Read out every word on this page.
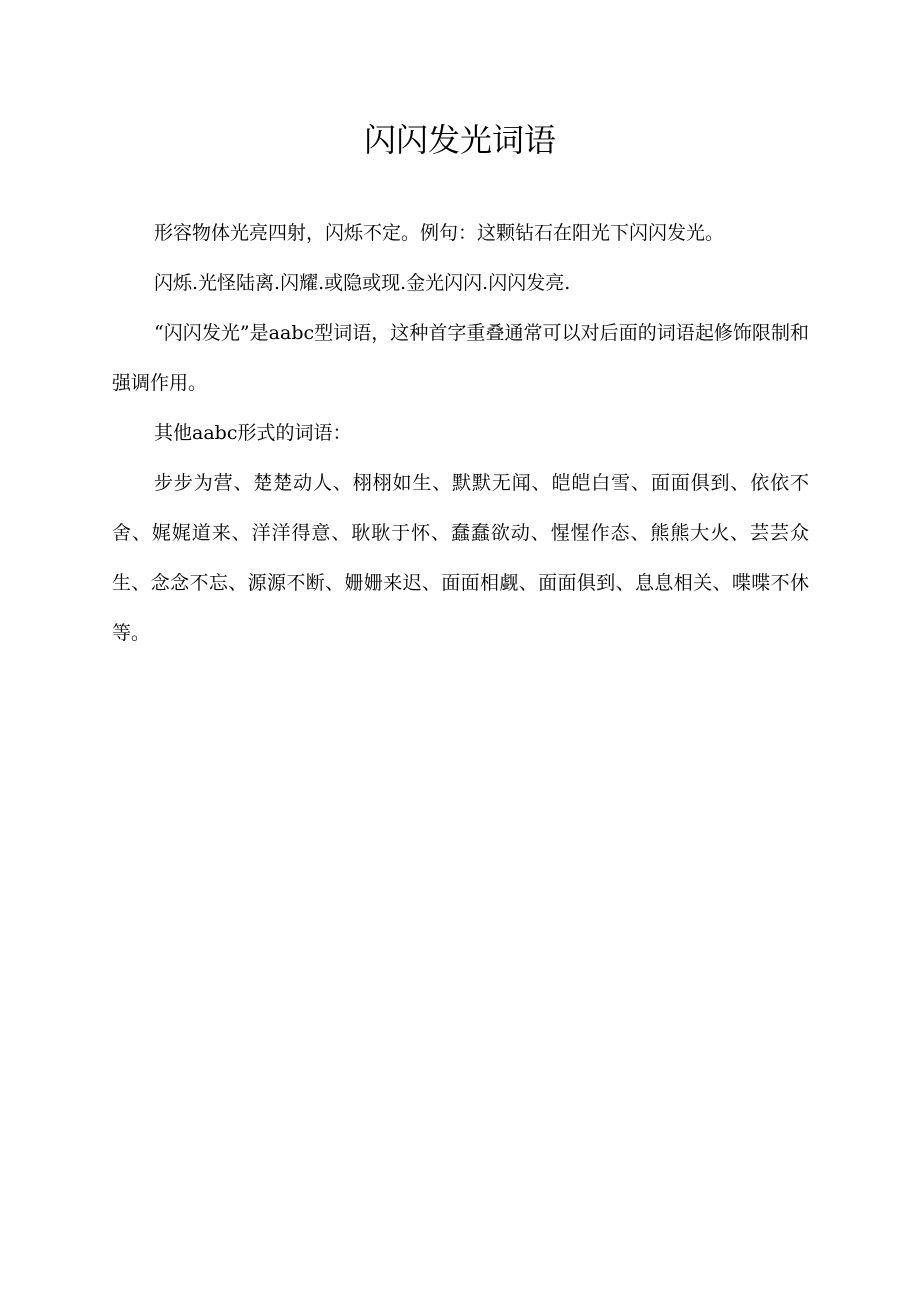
闪闪发光词语

形容物体光亮四射，闪烁不定。例句：这颗钻石在阳光下闪闪发光。

闪烁.光怪陆离.闪耀.或隐或现.金光闪闪.闪闪发亮.

“闪闪发光”是aabc型词语，这种首字重叠通常可以对后面的词语起修饰限制和强调作用。

其他aabc形式的词语：

步步为营、楚楚动人、栩栩如生、默默无闻、皑皑白雪、面面俱到、依依不舍、娓娓道来、洋洋得意、耿耿于怀、蠢蠢欲动、惺惺作态、熊熊大火、芸芸众生、念念不忘、源源不断、姗姗来迟、面面相觑、面面俱到、息息相关、喋喋不休等。
